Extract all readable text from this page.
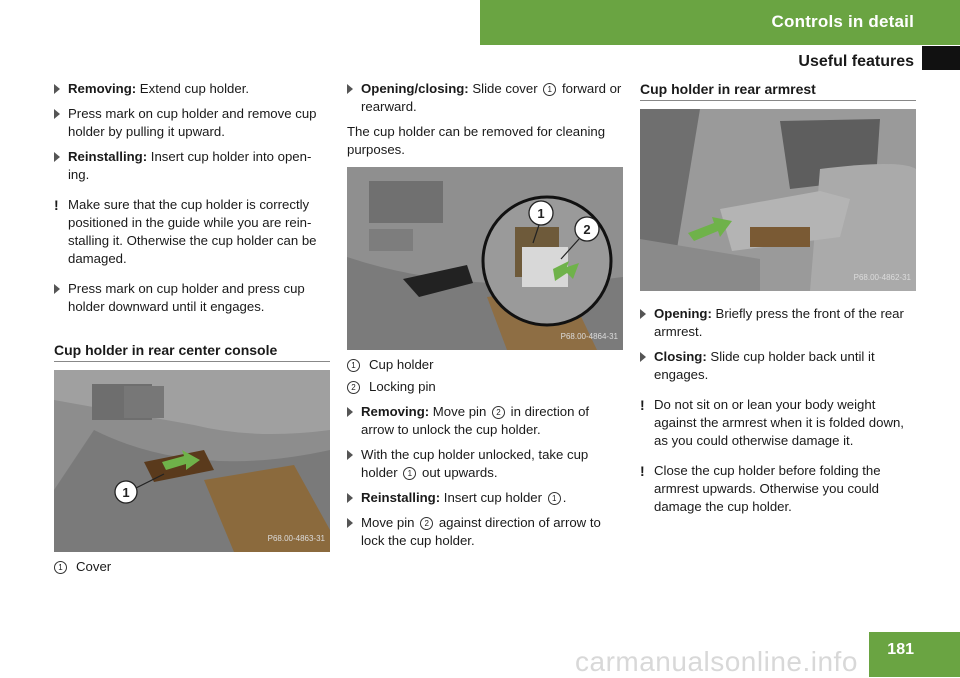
Controls in detail
Useful features
Removing: Extend cup holder.
Press mark on cup holder and remove cup holder by pulling it upward.
Reinstalling: Insert cup holder into open-ing.
! Make sure that the cup holder is correctly positioned in the guide while you are rein-stalling it. Otherwise the cup holder can be damaged.
Press mark on cup holder and press cup holder downward until it engages.
Cup holder in rear center console
1
P68.00-4863-31
1	Cover
Opening/closing: Slide cover 1 forward or rearward.

The cup holder can be removed for cleaning purposes.

1
2
P68.00-4864-31
1	Cup holder
2	Locking pin
Removing: Move pin 2 in direction of arrow to unlock the cup holder.
With the cup holder unlocked, take cup holder 1 out upwards.
Reinstalling: Insert cup holder 1 .
Move pin 2 against direction of arrow to lock the cup holder.
Cup holder in rear armrest
P68.00-4862-31
Opening: Briefly press the front of the rear armrest.
Closing: Slide cup holder back until it engages.
! Do not sit on or lean your body weight against the armrest when it is folded down, as you could otherwise damage it.
! Close the cup holder before folding the armrest upwards. Otherwise you could damage the cup holder.
181
carmanualsonline.info
